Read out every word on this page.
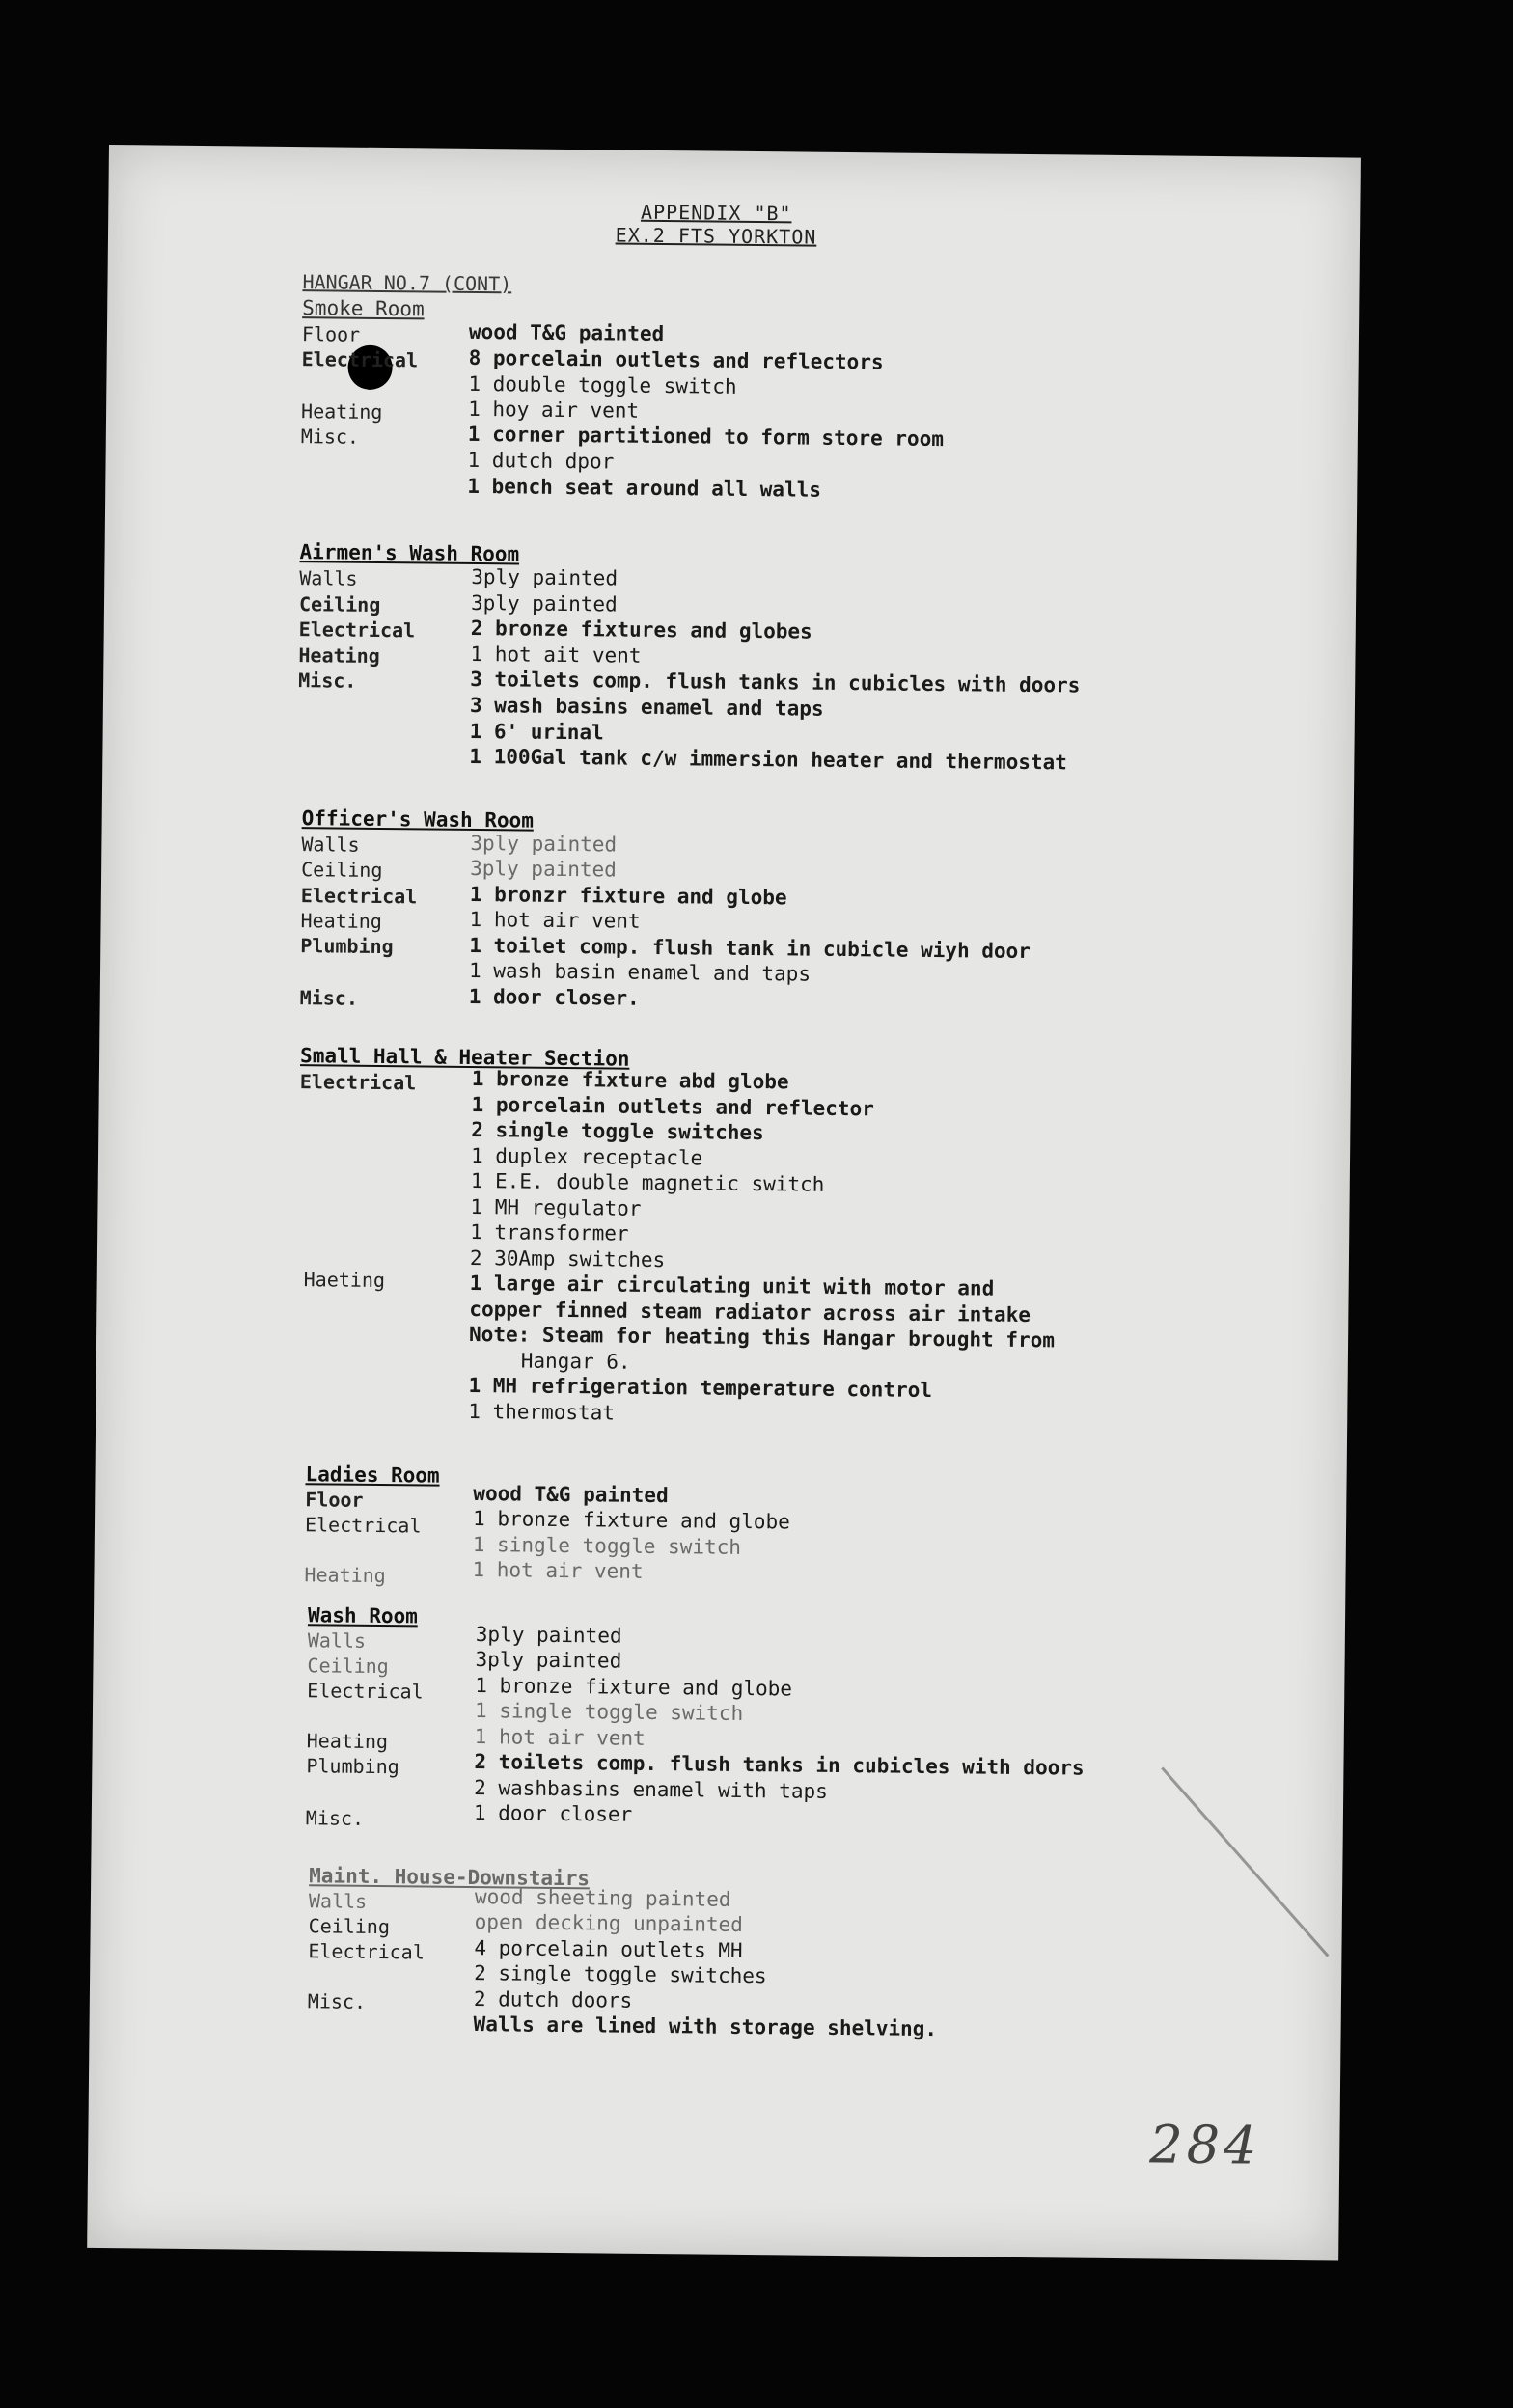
APPENDIX "B"
EX.2 FTS YORKTON
HANGAR NO.7 (CONT)
Smoke Room
Floor
Electrical
Heating
Misc.
wood T&G painted
8 porcelain outlets and reflectors
1 double toggle switch
1 hoy air vent
1 corner partitioned to form store room
1 dutch dpor
1 bench seat around all walls
Airmen's Wash Room
Walls
Ceiling
Electrical
Heating
Misc.
3ply painted
3ply painted
2 bronze fixtures and globes
1 hot ait vent
3 toilets comp. flush tanks in cubicles with doors
3 wash basins enamel and taps
1 6' urinal
1 100Gal tank c/w immersion heater and thermostat
Officer's Wash Room
Walls
Ceiling
Electrical
Heating
Plumbing
Misc.
3ply painted
3ply painted
1 bronzr fixture and globe
1 hot air vent
1 toilet comp. flush tank in cubicle wiyh door
1 wash basin enamel and taps
1 door closer.
Small Hall & Heater Section
Electrical
Haeting
1 bronze fixture abd globe
1 porcelain outlets and reflector
2 single toggle switches
1 duplex receptacle
1 E.E. double magnetic switch
1 MH regulator
1 transformer
2 30Amp switches
1 large air circulating unit with motor and
copper finned steam radiator across air intake
Note: Steam for heating this Hangar brought from
Hangar 6.
1 MH refrigeration temperature control
1 thermostat
Ladies Room
Floor
Electrical
Heating
wood T&G painted
1 bronze fixture and globe
1 single toggle switch
1 hot air vent
Wash Room
Walls
Ceiling
Electrical
Heating
Plumbing
Misc.
3ply painted
3ply painted
1 bronze fixture and globe
1 single toggle switch
1 hot air vent
2 toilets comp. flush tanks in cubicles with doors
2 washbasins enamel with taps
1 door closer
Maint. House-Downstairs
Walls
Ceiling
Electrical
Misc.
wood sheeting painted
open decking unpainted
4 porcelain outlets MH
2 single toggle switches
2 dutch doors
Walls are lined with storage shelving.
284
